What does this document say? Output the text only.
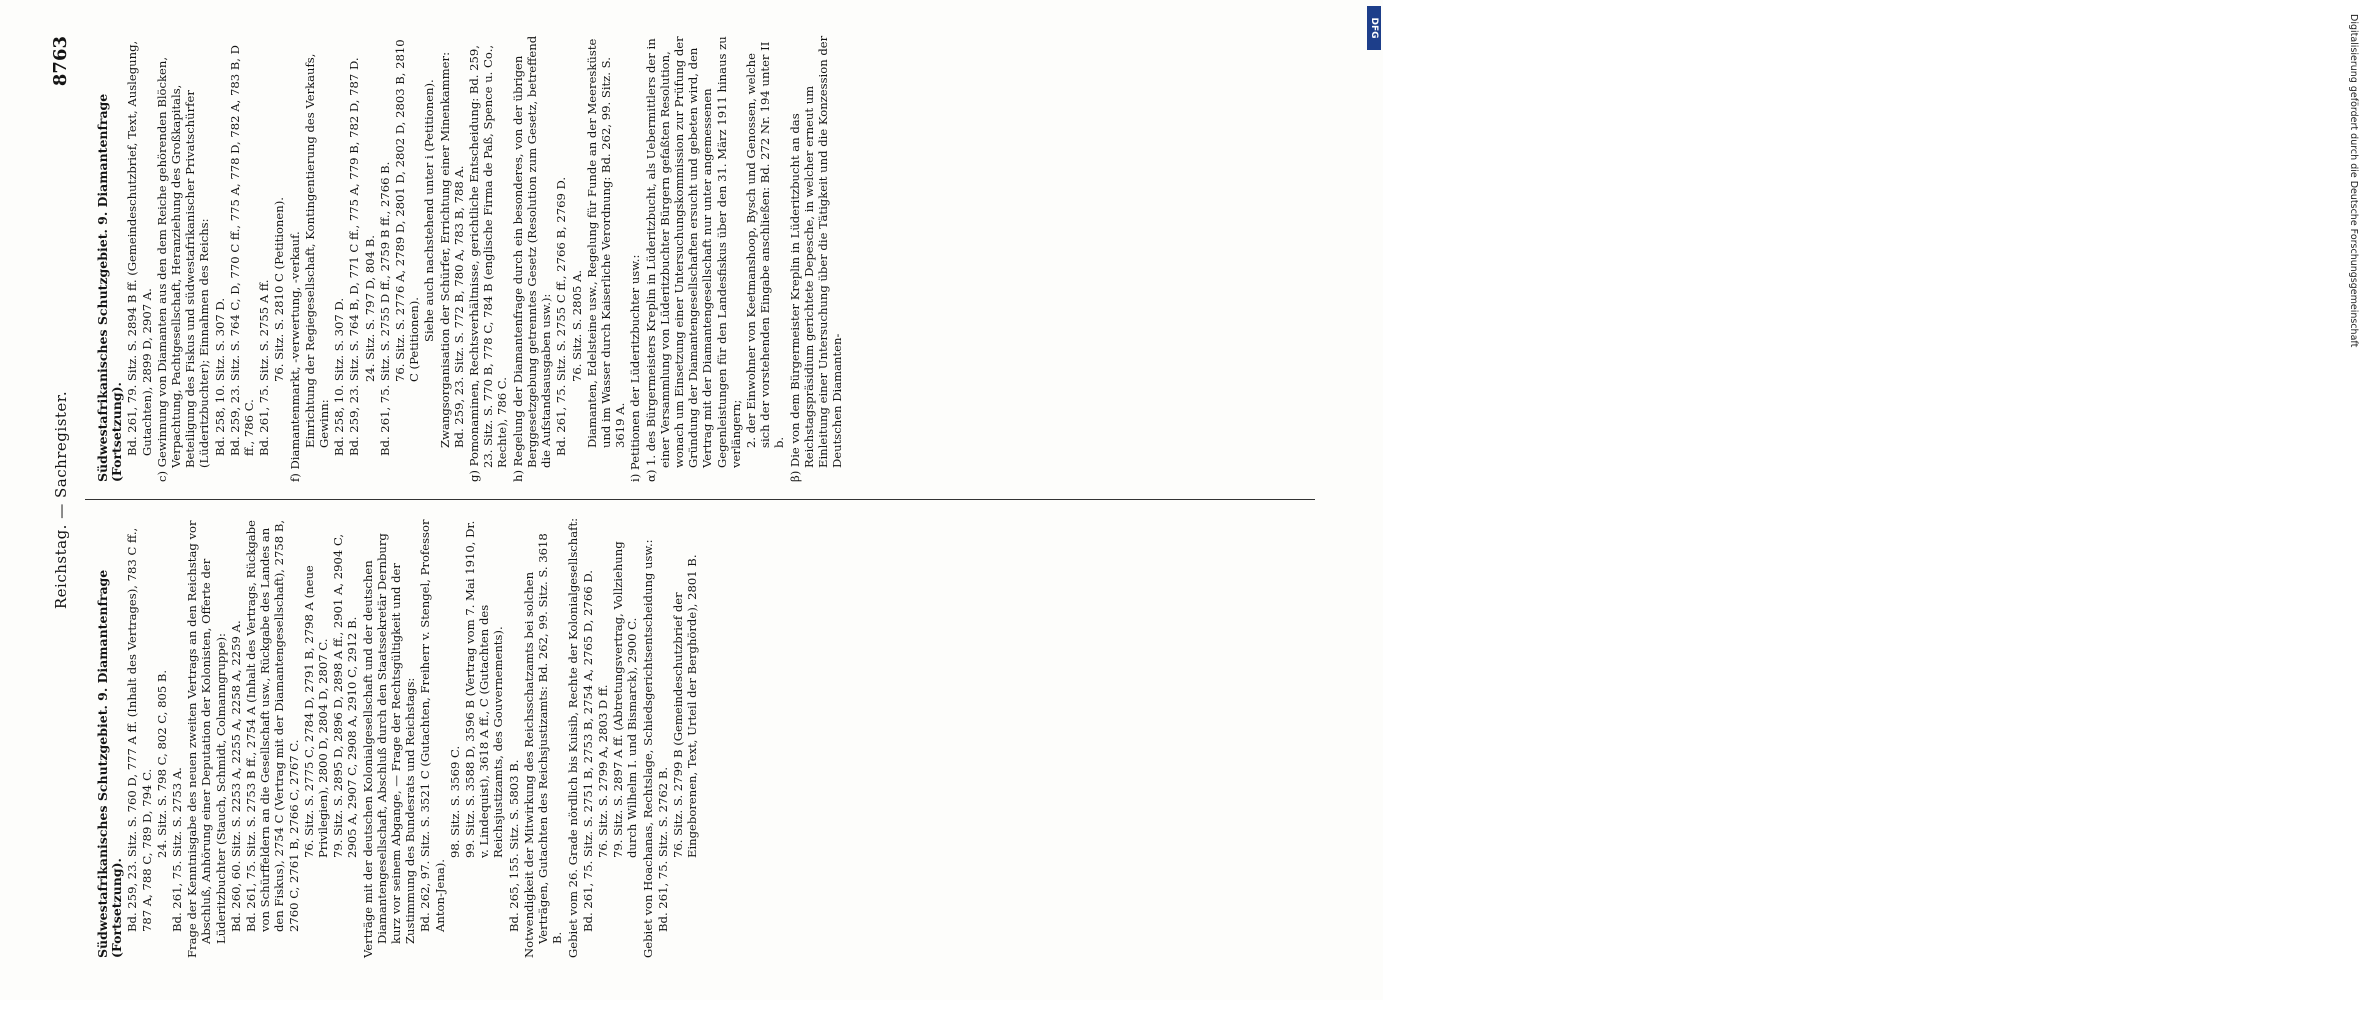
Reichstag. — Sachregister.
8763

Südwestafrikanisches Schutzgebiet. 9. Diamantenfrage (Fortsetzung). Bd. 259, 23. Sitz. S. 760 D, 777 A ff. (Inhalt des Vertrages), 783 C ff., 787 A, 788 C, 789 D, 794 C. 24. Sitz. S. 798 C, 802 C, 805 B. Bd. 261, 75. Sitz. S. 2753 A. Frage der Kenntnisgabe des neuen zweiten Vertrags an den Reichstag vor Abschluß, Anhörung einer Deputation der Kolonisten, Offerte der Lüderitzbuchter (Stauch, Schmidt, Colmanngruppe): Bd. 260, 60. Sitz. S. 2253 A, 2255 A, 2258 A, 2259 A. Bd. 261, 75. Sitz. S. 2753 B ff., 2754 A (Inhalt des Vertrags, Rückgabe von Schürffeldern an die Gesellschaft usw., Rückgabe des Landes an den Fiskus), 2754 C (Vertrag mit der Diamantengesellschaft), 2758 B, 2760 C, 2761 B, 2766 C, 2767 C. 76. Sitz. S. 2775 C, 2784 D, 2791 B, 2798 A (neue Privilegien), 2800 D, 2804 D, 2807 C. 79. Sitz. S. 2895 D, 2896 D, 2898 A ff., 2901 A, 2904 C, 2905 A, 2907 C, 2908 A, 2910 C, 2912 B. Verträge mit der deutschen Kolonialgesellschaft und der deutschen Diamantengesellschaft, Abschluß durch den Staatssekretär Dernburg kurz vor seinem Abgange, — Frage der Rechtsgültigkeit und der Zustimmung des Bundesrats und Reichstags: Bd. 262, 97. Sitz. S. 3521 C (Gutachten, Freiherr v. Stengel, Professor Anton-Jena).

98. Sitz. S. 3569 C. 99. Sitz. S. 3588 D, 3596 B (Vertrag vom 7. Mai 1910, Dr. v. Lindequist), 3618 A ff., C (Gutachten des Reichsjustizamts, des Gouvernements). Bd. 265, 155. Sitz. S. 5803 B. Notwendigkeit der Mitwirkung des Reichsschatzamts bei solchen Verträgen, Gutachten des Reichsjustizamts: Bd. 262, 99. Sitz. S. 3618 B. Gebiet vom 26. Grade nördlich bis Kuisib, Rechte der Kolonialgesellschaft: Bd. 261, 75. Sitz. S. 2751 B, 2753 B, 2754 A, 2765 D, 2766 D. 76. Sitz. S. 2799 A, 2803 D ff. 79. Sitz. S. 2897 A ff. (Abtretungsvertrag, Vollziehung durch Wilhelm I. und Bismarck), 2900 C. Gebiet von Hoachanas, Rechtslage, Schiedsgerichtsentscheidung usw.: Bd. 261, 75. Sitz. S. 2762 B. 76. Sitz. S. 2799 B (Gemeindeschutzbrief der Eingeborenen, Text, Urteil der Berghörde), 2801 B.

Südwestafrikanisches Schutzgebiet. 9. Diamantenfrage (Fortsetzung). Bd. 261, 79. Sitz. S. 2894 B ff. (Gemeindeschutzbrief, Text, Auslegung, Gutachten), 2899 D, 2907 A. c) Gewinnung von Diamanten aus den dem Reiche gehörenden Blöcken, Verpachtung, Pachtgesellschaft, Heranziehung des Großkapitals, Beteiligung des Fiskus und südwestafrikanischer Privatschürfer (Lüderitzbuchter); Einnahmen des Reichs: Bd. 258, 10. Sitz. S. 307 D. Bd. 259, 23. Sitz. S. 764 C, D, 770 C ff., 775 A, 778 D, 782 A, 783 B, D ff., 786 C. Bd. 261, 75. Sitz. S. 2755 A ff. 76. Sitz. S. 2810 C (Petitionen). f) Diamantenmarkt, -verwertung, -verkauf. Einrichtung der Regiegesellschaft, Kontingentierung des Verkaufs, Gewinn: Bd. 258, 10. Sitz. S. 307 D. Bd. 259, 23. Sitz. S. 764 B, D, 771 C ff., 775 A, 779 B, 782 D, 787 D. 24. Sitz. S. 797 D, 804 B. Bd. 261, 75. Sitz. S. 2755 D ff., 2759 B ff., 2766 B. 76. Sitz. S. 2776 A, 2789 D, 2801 D, 2802 D, 2803 B, 2810 C (Petitionen). Siehe auch nachstehend unter i (Petitionen). Zwangsorganisation der Schürfer, Errichtung einer Minenkammer: Bd. 259, 23. Sitz. S. 772 B, 780 A, 783 B, 788 A. g) Pomonaminen, Rechtsverhältnisse, gerichtliche Entscheidung: Bd. 259, 23. Sitz. S. 770 B, 778 C, 784 B (englische Firma de Paß, Spence u. Co., Rechte), 786 C. h) Regelung der Diamantenfrage durch ein besonderes, von der übrigen Berggesetzgebung getrenntes Gesetz (Resolution zum Gesetz, betreffend die Aufstandsausgaben usw.): Bd. 261, 75. Sitz. S. 2755 C ff., 2766 B, 2769 D. 76. Sitz. S. 2805 A. Diamanten, Edelsteine usw., Regelung für Funde an der Meeresküste und im Wasser durch Kaiserliche Verordnung: Bd. 262, 99. Sitz. S. 3619 A. i) Petitionen der Lüderitzbuchter usw.: α) 1. des Bürgermeisters Kreplin in Lüderitzbucht, als Uebermittlers der in einer Versammlung von Lüderitzbuchter Bürgern gefaßten Resolution, wonach um Einsetzung einer Untersuchungskommission zur Prüfung der Gründung der Diamantengesellschaften ersucht und gebeten wird, den Vertrag mit der Diamantengesellschaft nur unter angemessenen Gegenleistungen für den Landesfiskus über den 31. März 1911 hinaus zu verlängern; 2. der Einwohner von Keetmanshoop, Bysch und Genossen, welche sich der vorstehenden Eingabe anschließen: Bd. 272 Nr. 194 unter II b. β) Die von dem Bürgermeister Kreplin in Lüderitzbucht an das Reichstagspräsidium gerichtete Depesche, in welcher erneut um Einleitung einer Untersuchung über die Tätigkeit und die Konzession der Deutschen Diamanten-

DFG	Digitalisierung gefördert durch die Deutsche Forschungsgemeinschaft
